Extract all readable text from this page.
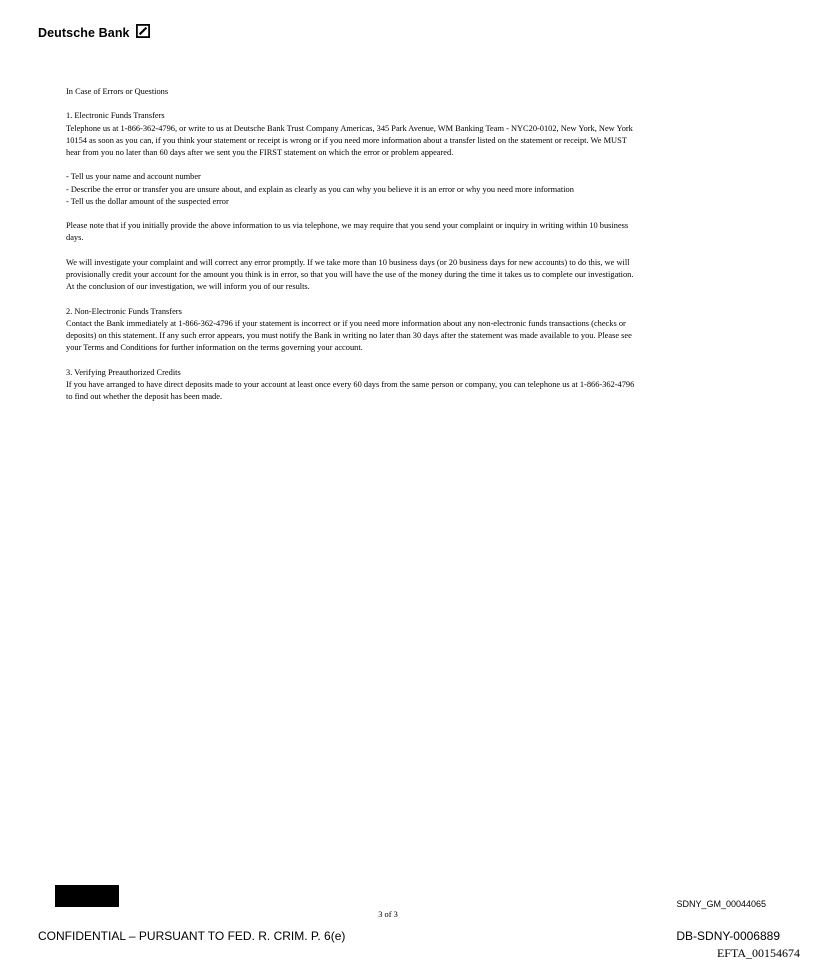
Deutsche Bank

In Case of Errors or Questions

1. Electronic Funds Transfers
Telephone us at 1-866-362-4796, or write to us at Deutsche Bank Trust Company Americas, 345 Park Avenue, WM Banking Team - NYC20-0102, New York, New York 10154 as soon as you can, if you think your statement or receipt is wrong or if you need more information about a transfer listed on the statement or receipt. We MUST hear from you no later than 60 days after we sent you the FIRST statement on which the error or problem appeared.

- Tell us your name and account number
- Describe the error or transfer you are unsure about, and explain as clearly as you can why you believe it is an error or why you need more information
- Tell us the dollar amount of the suspected error

Please note that if you initially provide the above information to us via telephone, we may require that you send your complaint or inquiry in writing within 10 business days.

We will investigate your complaint and will correct any error promptly. If we take more than 10 business days (or 20 business days for new accounts) to do this, we will provisionally credit your account for the amount you think is in error, so that you will have the use of the money during the time it takes us to complete our investigation. At the conclusion of our investigation, we will inform you of our results.

2. Non-Electronic Funds Transfers
Contact the Bank immediately at 1-866-362-4796 if your statement is incorrect or if you need more information about any non-electronic funds transactions (checks or deposits) on this statement. If any such error appears, you must notify the Bank in writing no later than 30 days after the statement was made available to you. Please see your Terms and Conditions for further information on the terms governing your account.

3. Verifying Preauthorized Credits
If you have arranged to have direct deposits made to your account at least once every 60 days from the same person or company, you can telephone us at 1-866-362-4796 to find out whether the deposit has been made.

3 of 3
SDNY_GM_00044065
CONFIDENTIAL – PURSUANT TO FED. R. CRIM. P. 6(e)	DB-SDNY-0006889
EFTA_00154674
